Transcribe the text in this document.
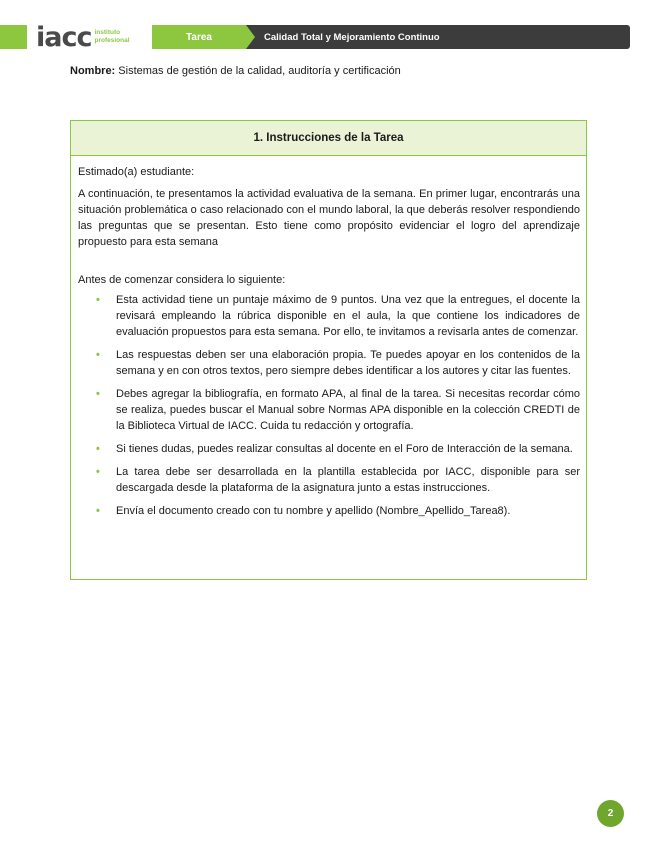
iacc instituto
profesional	Tarea	Calidad Total y Mejoramiento Continuo
Nombre: Sistemas de gestión de la calidad, auditoría y certificación
1. Instrucciones de la Tarea

Estimado(a) estudiante:

A continuación, te presentamos la actividad evaluativa de la semana. En primer lugar, encontrarás una situación problemática o caso relacionado con el mundo laboral, la que deberás resolver respondiendo las preguntas que se presentan. Esto tiene como propósito evidenciar el logro del aprendizaje propuesto para esta semana

Antes de comenzar considera lo siguiente:

• Esta actividad tiene un puntaje máximo de 9 puntos. Una vez que la entregues, el docente la revisará empleando la rúbrica disponible en el aula, la que contiene los indicadores de evaluación propuestos para esta semana. Por ello, te invitamos a revisarla antes de comenzar.
• Las respuestas deben ser una elaboración propia. Te puedes apoyar en los contenidos de la semana y en con otros textos, pero siempre debes identificar a los autores y citar las fuentes.
• Debes agregar la bibliografía, en formato APA, al final de la tarea. Si necesitas recordar cómo se realiza, puedes buscar el Manual sobre Normas APA disponible en la colección CREDTI de la Biblioteca Virtual de IACC. Cuida tu redacción y ortografía.
• Si tienes dudas, puedes realizar consultas al docente en el Foro de Interacción de la semana.
• La tarea debe ser desarrollada en la plantilla establecida por IACC, disponible para ser descargada desde la plataforma de la asignatura junto a estas instrucciones.
• Envía el documento creado con tu nombre y apellido (Nombre_Apellido_Tarea8).
2
